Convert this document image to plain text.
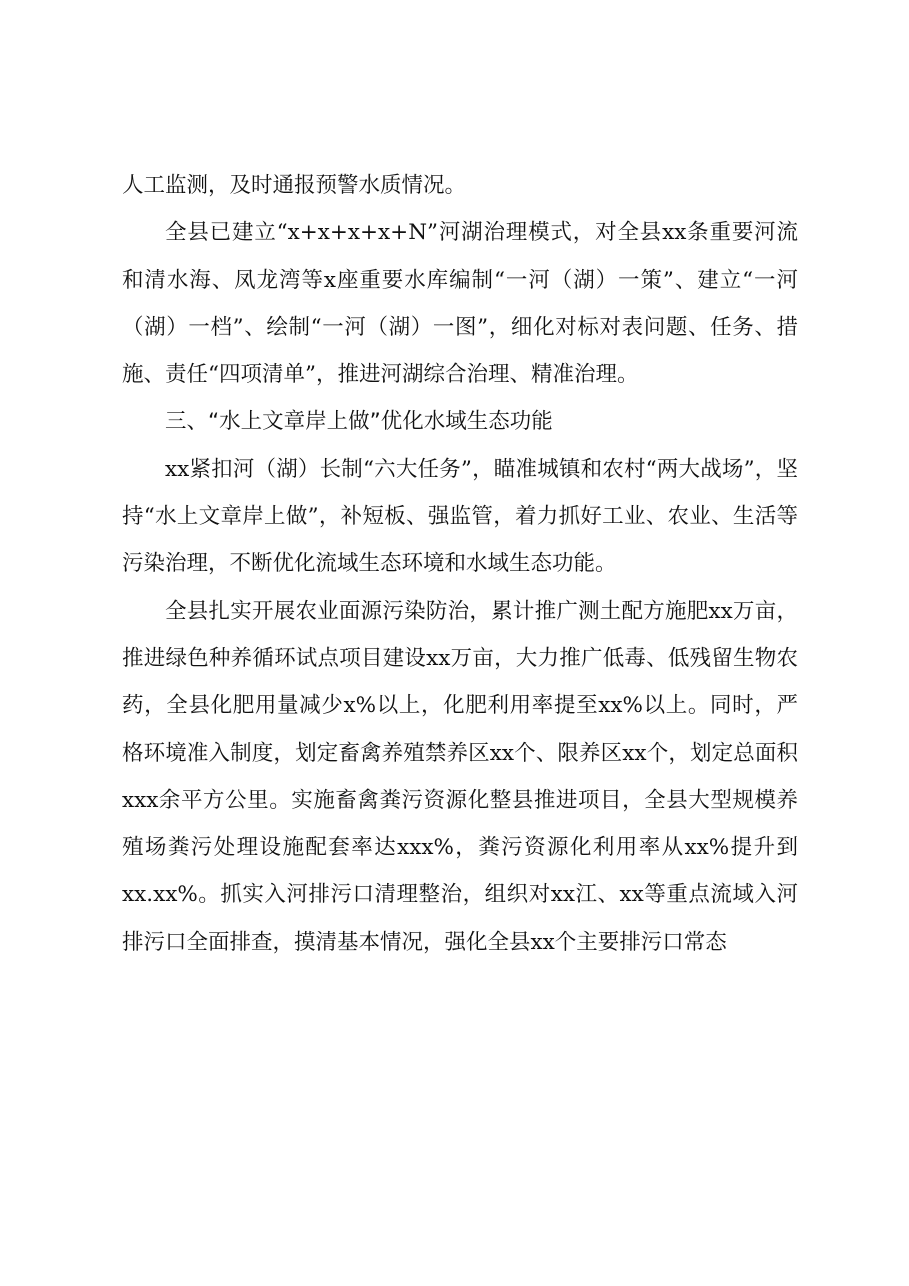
人工监测，及时通报预警水质情况。

全县已建立“x+x+x+x+N”河湖治理模式，对全县xx条重要河流和清水海、凤龙湾等x座重要水库编制“一河（湖）一策”、建立“一河（湖）一档”、绘制“一河（湖）一图”，细化对标对表问题、任务、措施、责任“四项清单”，推进河湖综合治理、精准治理。

三、“水上文章岸上做”优化水域生态功能

xx紧扣河（湖）长制“六大任务”，瞄准城镇和农村“两大战场”，坚持“水上文章岸上做”，补短板、强监管，着力抓好工业、农业、生活等污染治理，不断优化流域生态环境和水域生态功能。

全县扎实开展农业面源污染防治，累计推广测土配方施肥xx万亩，推进绿色种养循环试点项目建设xx万亩，大力推广低毒、低残留生物农药，全县化肥用量减少x%以上，化肥利用率提至xx%以上。同时，严格环境准入制度，划定畜禽养殖禁养区xx个、限养区xx个，划定总面积xxx余平方公里。实施畜禽粪污资源化整县推进项目，全县大型规模养殖场粪污处理设施配套率达xxx%，粪污资源化利用率从xx%提升到xx.xx%。抓实入河排污口清理整治，组织对xx江、xx等重点流域入河排污口全面排查，摸清基本情况，强化全县xx个主要排污口常态
